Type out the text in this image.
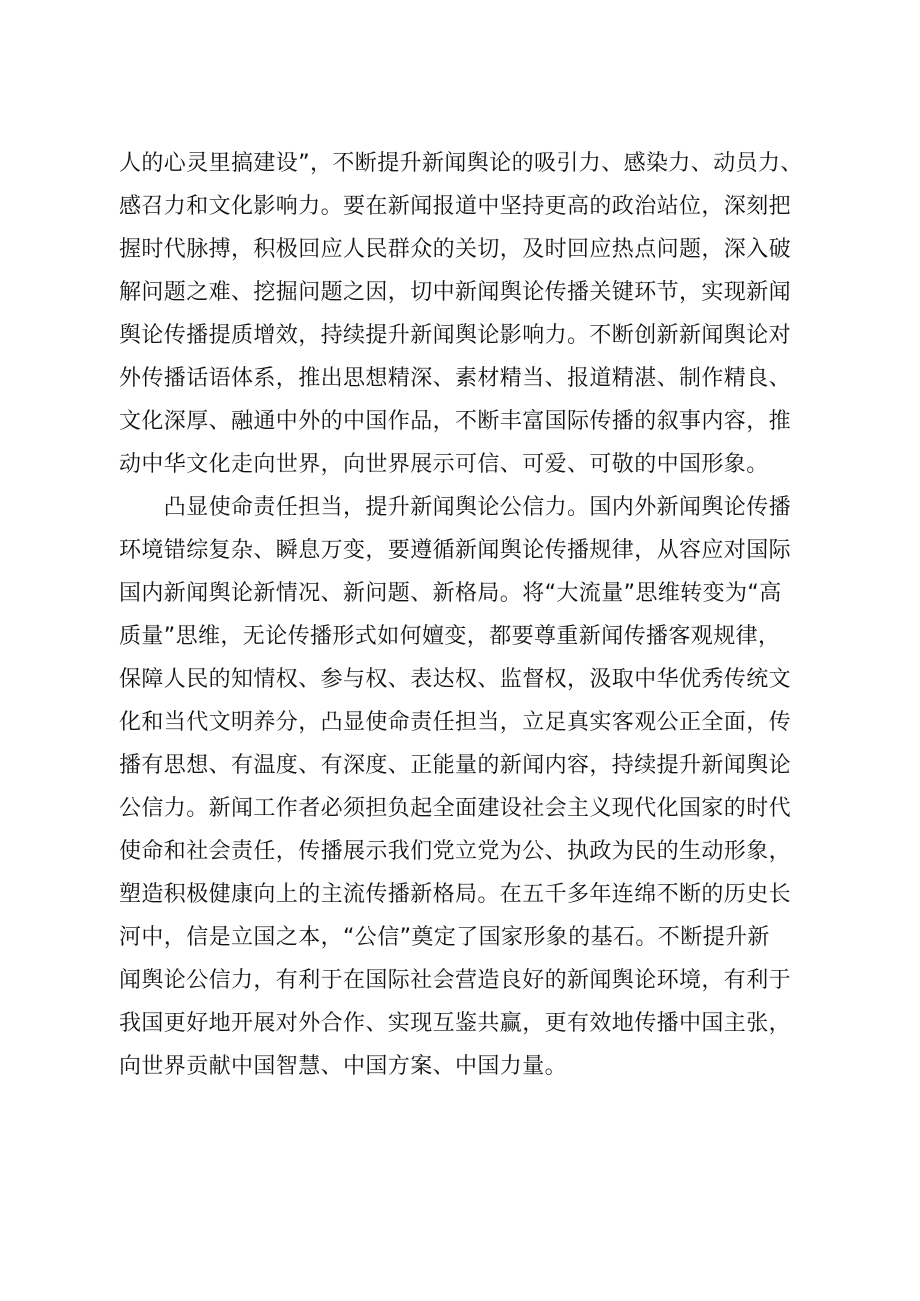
人的心灵里搞建设”，不断提升新闻舆论的吸引力、感染力、动员力、
感召力和文化影响力。要在新闻报道中坚持更高的政治站位，深刻把
握时代脉搏，积极回应人民群众的关切，及时回应热点问题，深入破
解问题之难、挖掘问题之因，切中新闻舆论传播关键环节，实现新闻
舆论传播提质增效，持续提升新闻舆论影响力。不断创新新闻舆论对
外传播话语体系，推出思想精深、素材精当、报道精湛、制作精良、
文化深厚、融通中外的中国作品，不断丰富国际传播的叙事内容，推
动中华文化走向世界，向世界展示可信、可爱、可敬的中国形象。
　　凸显使命责任担当，提升新闻舆论公信力。国内外新闻舆论传播
环境错综复杂、瞬息万变，要遵循新闻舆论传播规律，从容应对国际
国内新闻舆论新情况、新问题、新格局。将“大流量”思维转变为“高
质量”思维，无论传播形式如何嬗变，都要尊重新闻传播客观规律，
保障人民的知情权、参与权、表达权、监督权，汲取中华优秀传统文
化和当代文明养分，凸显使命责任担当，立足真实客观公正全面，传
播有思想、有温度、有深度、正能量的新闻内容，持续提升新闻舆论
公信力。新闻工作者必须担负起全面建设社会主义现代化国家的时代
使命和社会责任，传播展示我们党立党为公、执政为民的生动形象，
塑造积极健康向上的主流传播新格局。在五千多年连绵不断的历史长
河中，信是立国之本，“公信”奠定了国家形象的基石。不断提升新
闻舆论公信力，有利于在国际社会营造良好的新闻舆论环境，有利于
我国更好地开展对外合作、实现互鉴共赢，更有效地传播中国主张，
向世界贡献中国智慧、中国方案、中国力量。
